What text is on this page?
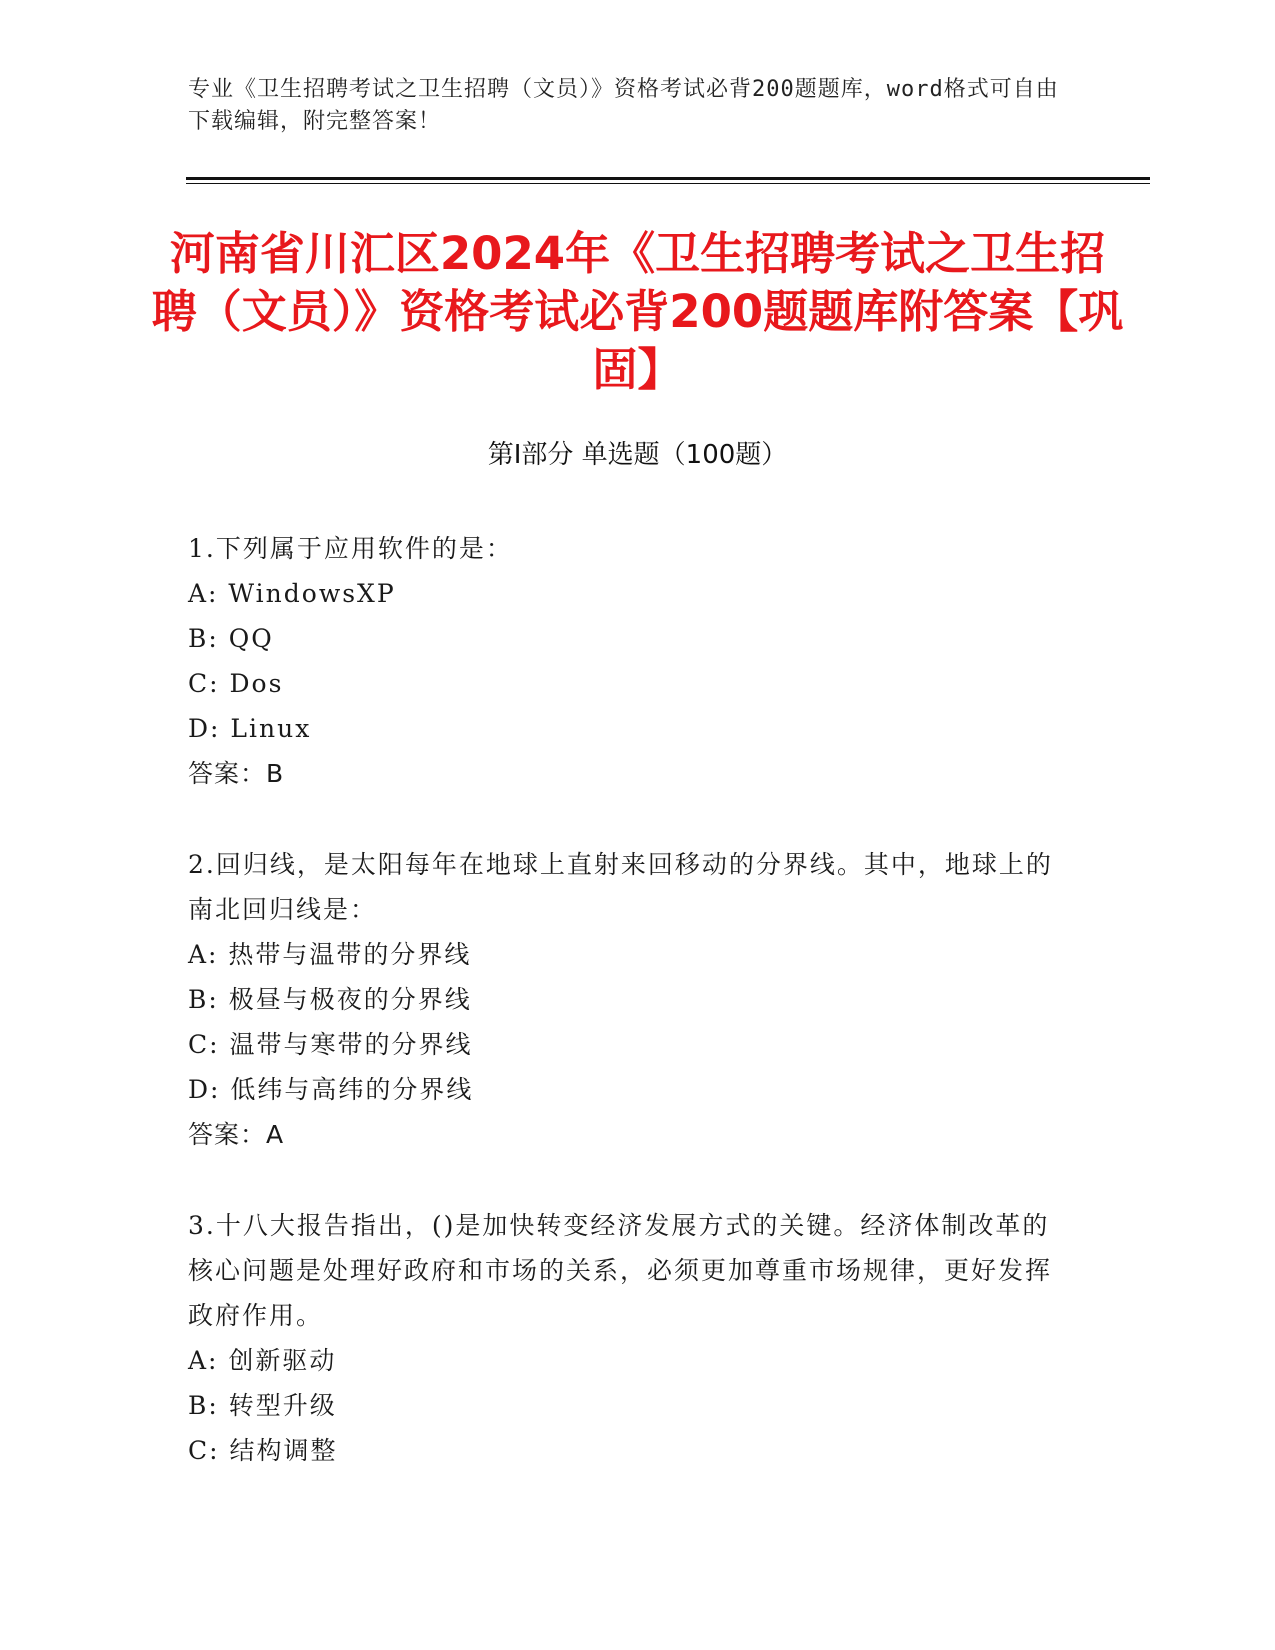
专业《卫生招聘考试之卫生招聘（文员）》资格考试必背200题题库，word格式可自由下载编辑，附完整答案！
河南省川汇区2024年《卫生招聘考试之卫生招聘（文员）》资格考试必背200题题库附答案【巩固】
第Ⅰ部分 单选题（100题）

1.下列属于应用软件的是：

A: WindowsXP

B: QQ

C: Dos

D: Linux

答案：B

2.回归线，是太阳每年在地球上直射来回移动的分界线。其中，地球上的南北回归线是：

A: 热带与温带的分界线

B: 极昼与极夜的分界线

C: 温带与寒带的分界线

D: 低纬与高纬的分界线

答案：A

3.十八大报告指出，()是加快转变经济发展方式的关键。经济体制改革的核心问题是处理好政府和市场的关系，必须更加尊重市场规律，更好发挥政府作用。

A: 创新驱动

B: 转型升级

C: 结构调整
